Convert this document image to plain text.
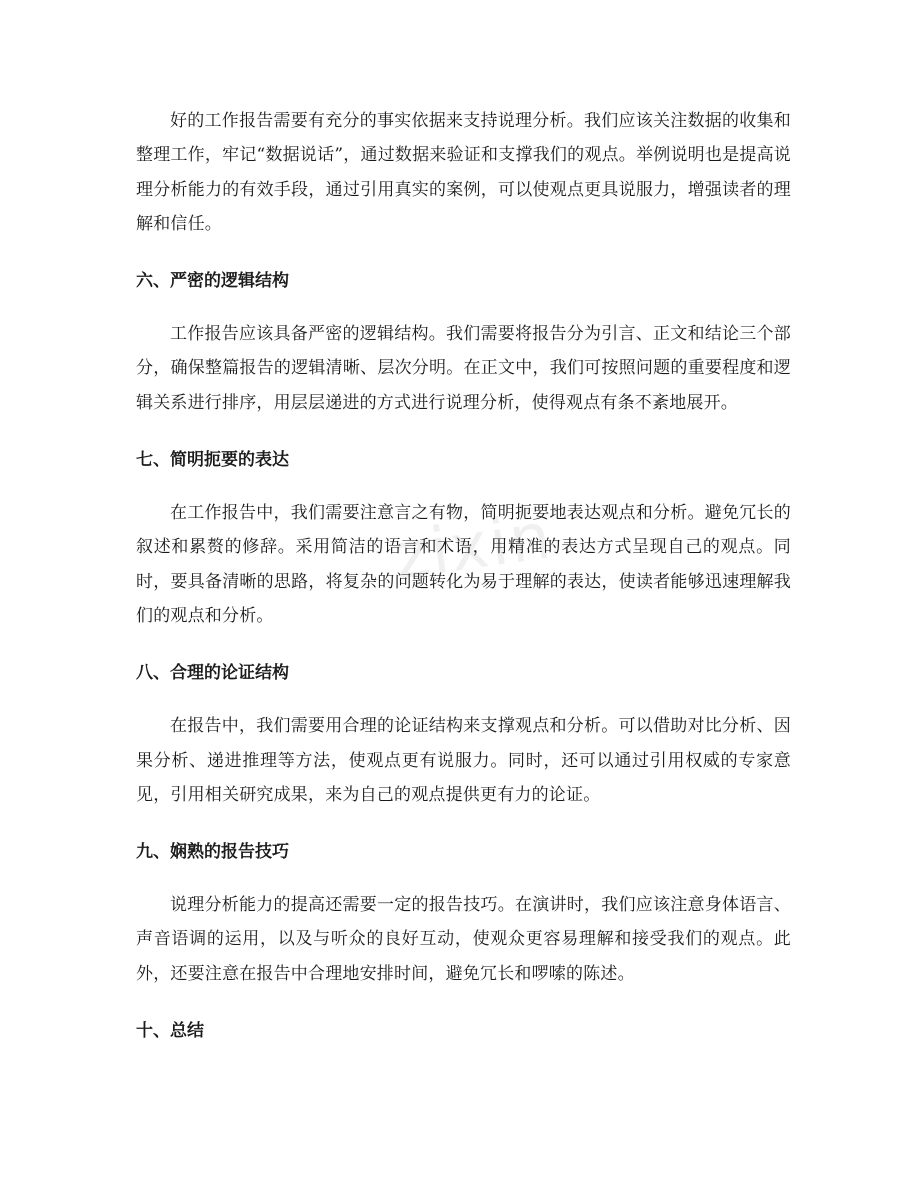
zixin

好的工作报告需要有充分的事实依据来支持说理分析。我们应该关注数据的收集和整理工作，牢记“数据说话”，通过数据来验证和支撑我们的观点。举例说明也是提高说理分析能力的有效手段，通过引用真实的案例，可以使观点更具说服力，增强读者的理解和信任。

六、严密的逻辑结构

工作报告应该具备严密的逻辑结构。我们需要将报告分为引言、正文和结论三个部分，确保整篇报告的逻辑清晰、层次分明。在正文中，我们可按照问题的重要程度和逻辑关系进行排序，用层层递进的方式进行说理分析，使得观点有条不紊地展开。

七、简明扼要的表达

在工作报告中，我们需要注意言之有物，简明扼要地表达观点和分析。避免冗长的叙述和累赘的修辞。采用简洁的语言和术语，用精准的表达方式呈现自己的观点。同时，要具备清晰的思路，将复杂的问题转化为易于理解的表达，使读者能够迅速理解我们的观点和分析。

八、合理的论证结构

在报告中，我们需要用合理的论证结构来支撑观点和分析。可以借助对比分析、因果分析、递进推理等方法，使观点更有说服力。同时，还可以通过引用权威的专家意见，引用相关研究成果，来为自己的观点提供更有力的论证。

九、娴熟的报告技巧

说理分析能力的提高还需要一定的报告技巧。在演讲时，我们应该注意身体语言、声音语调的运用，以及与听众的良好互动，使观众更容易理解和接受我们的观点。此外，还要注意在报告中合理地安排时间，避免冗长和啰嗦的陈述。

十、总结
